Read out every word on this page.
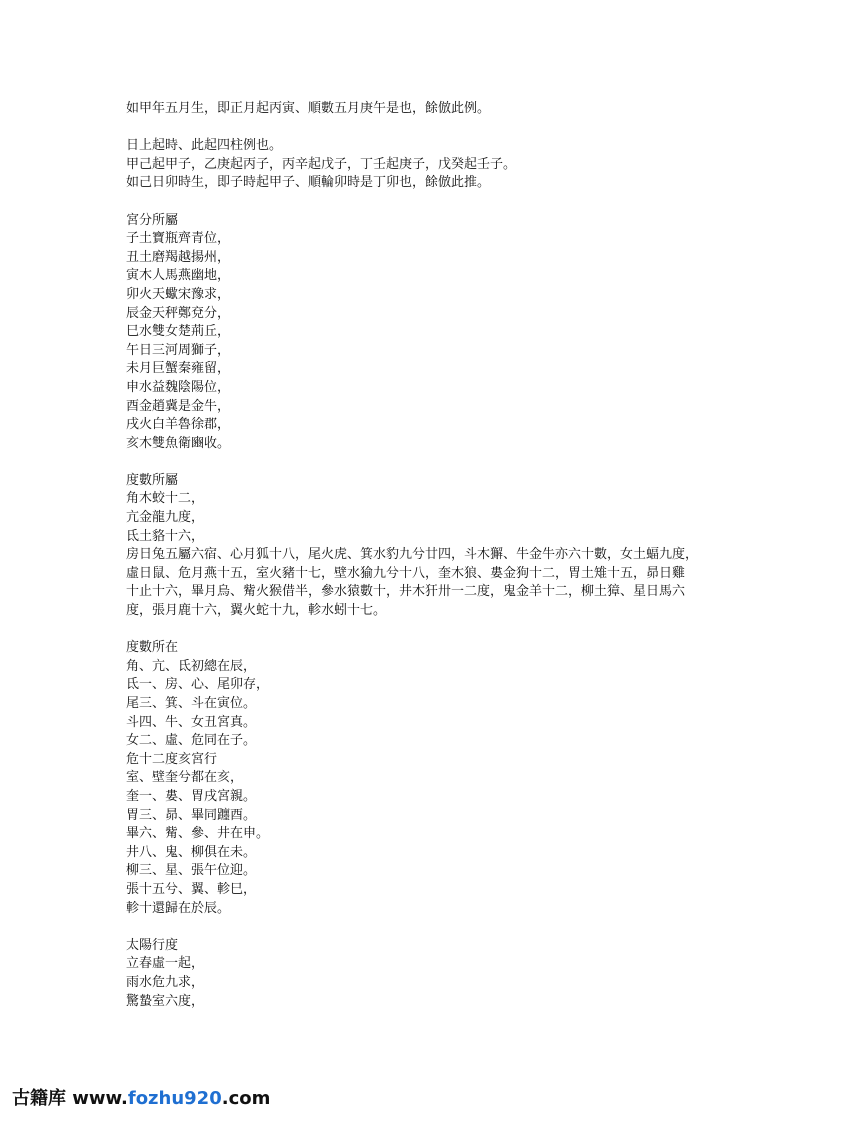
如甲年五月生，即正月起丙寅、順數五月庚午是也，餘倣此例。
日上起時、此起四柱例也。
甲己起甲子，乙庚起丙子，丙辛起戊子，丁壬起庚子，戊癸起壬子。
如己日卯時生，即子時起甲子、順輪卯時是丁卯也，餘倣此推。
宮分所屬
子土寶瓶齊青位，
丑土磨羯越揚州，
寅木人馬燕幽地，
卯火天蠍宋豫求，
辰金天秤鄭兗分，
巳水雙女楚荊丘，
午日三河周獅子，
未月巨蟹秦雍留，
申水益魏陰陽位，
酉金趙冀是金牛，
戌火白羊魯徐郡，
亥木雙魚衛豳收。
度數所屬
角木蛟十二，
亢金龍九度，
氐土貉十六，
房日兔五屬六宿、心月狐十八，尾火虎、箕水豹九兮廿四，斗木獬、牛金牛亦六十數，女土蝠九度，
虛日鼠、危月燕十五，室火豬十七，壁水㺄九兮十八，奎木狼、婁金狗十二，胃土雉十五，昴日雞
十止十六，畢月烏、觜火猴借半，參水猿數十，井木犴卅一二度，鬼金羊十二，柳土獐、星日馬六
度，張月鹿十六，翼火蛇十九，軫水蚓十七。
度數所在
角、亢、氐初總在辰，
氐一、房、心、尾卯存，
尾三、箕、斗在寅位。
斗四、牛、女丑宮真。
女二、虛、危同在子。
危十二度亥宮行
室、壁奎兮都在亥，
奎一、婁、胃戌宮親。
胃三、昴、畢同躔酉。
畢六、觜、參、井在申。
井八、鬼、柳俱在未。
柳三、星、張午位迎。
張十五兮、翼、軫巳，
軫十還歸在於辰。
太陽行度
立春虛一起，
雨水危九求，
驚蟄室六度，
古籍库 www.fozhu920.com
